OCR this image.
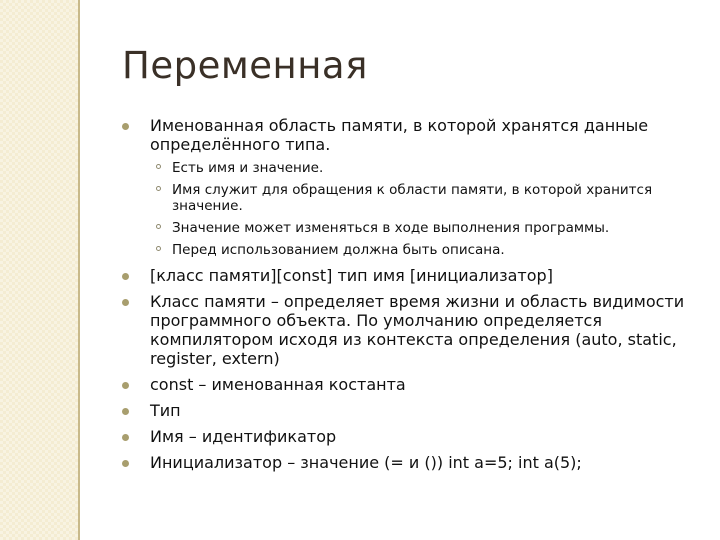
Переменная
Именованная область памяти, в которой хранятся данные определённого типа.
Есть имя и значение.
Имя служит для обращения к области памяти, в которой хранится значение.
Значение может изменяться в ходе выполнения программы.
Перед использованием должна быть описана.
[класс памяти][const] тип имя [инициализатор]
Класс памяти – определяет время жизни и область видимости программного объекта. По умолчанию определяется компилятором исходя из контекста определения (auto, static, register, extern)
const – именованная костанта
Тип
Имя – идентификатор
Инициализатор – значение (= и ()) int a=5; int a(5);
